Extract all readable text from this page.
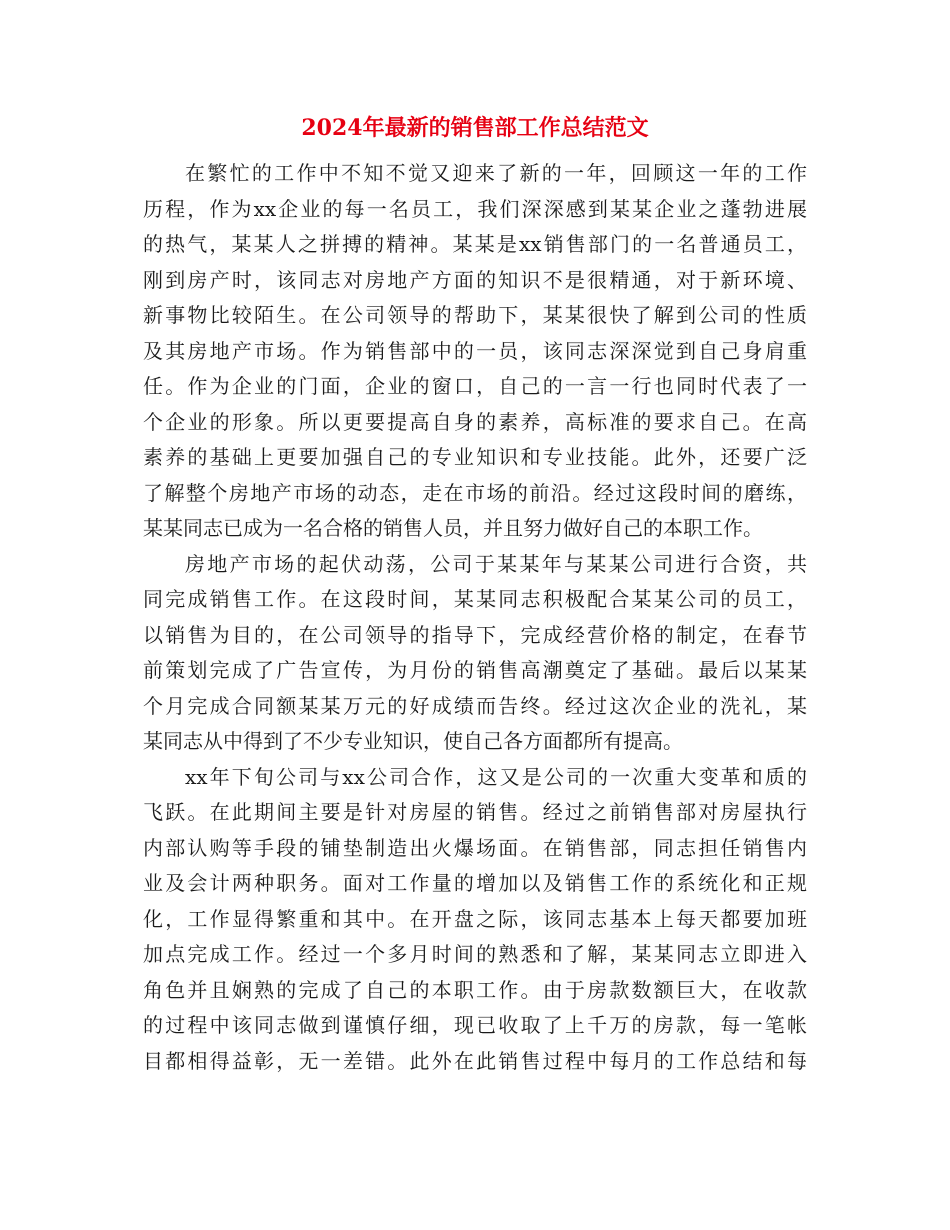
2024年最新的销售部工作总结范文

在繁忙的工作中不知不觉又迎来了新的一年，回顾这一年的工作
历程，作为xx企业的每一名员工，我们深深感到某某企业之蓬勃进展
的热气，某某人之拼搏的精神。某某是xx销售部门的一名普通员工，
刚到房产时，该同志对房地产方面的知识不是很精通，对于新环境、
新事物比较陌生。在公司领导的帮助下，某某很快了解到公司的性质
及其房地产市场。作为销售部中的一员，该同志深深觉到自己身肩重
任。作为企业的门面，企业的窗口，自己的一言一行也同时代表了一
个企业的形象。所以更要提高自身的素养，高标准的要求自己。在高
素养的基础上更要加强自己的专业知识和专业技能。此外，还要广泛
了解整个房地产市场的动态，走在市场的前沿。经过这段时间的磨练，
某某同志已成为一名合格的销售人员，并且努力做好自己的本职工作。

房地产市场的起伏动荡，公司于某某年与某某公司进行合资，共
同完成销售工作。在这段时间，某某同志积极配合某某公司的员工，
以销售为目的，在公司领导的指导下，完成经营价格的制定，在春节
前策划完成了广告宣传，为月份的销售高潮奠定了基础。最后以某某
个月完成合同额某某万元的好成绩而告终。经过这次企业的洗礼，某
某同志从中得到了不少专业知识，使自己各方面都所有提高。

xx年下旬公司与xx公司合作，这又是公司的一次重大变革和质的
飞跃。在此期间主要是针对房屋的销售。经过之前销售部对房屋执行
内部认购等手段的铺垫制造出火爆场面。在销售部，同志担任销售内
业及会计两种职务。面对工作量的增加以及销售工作的系统化和正规
化，工作显得繁重和其中。在开盘之际，该同志基本上每天都要加班
加点完成工作。经过一个多月时间的熟悉和了解，某某同志立即进入
角色并且娴熟的完成了自己的本职工作。由于房款数额巨大，在收款
的过程中该同志做到谨慎仔细，现已收取了上千万的房款，每一笔帐
目都相得益彰，无一差错。此外在此销售过程中每月的工作总结和每
